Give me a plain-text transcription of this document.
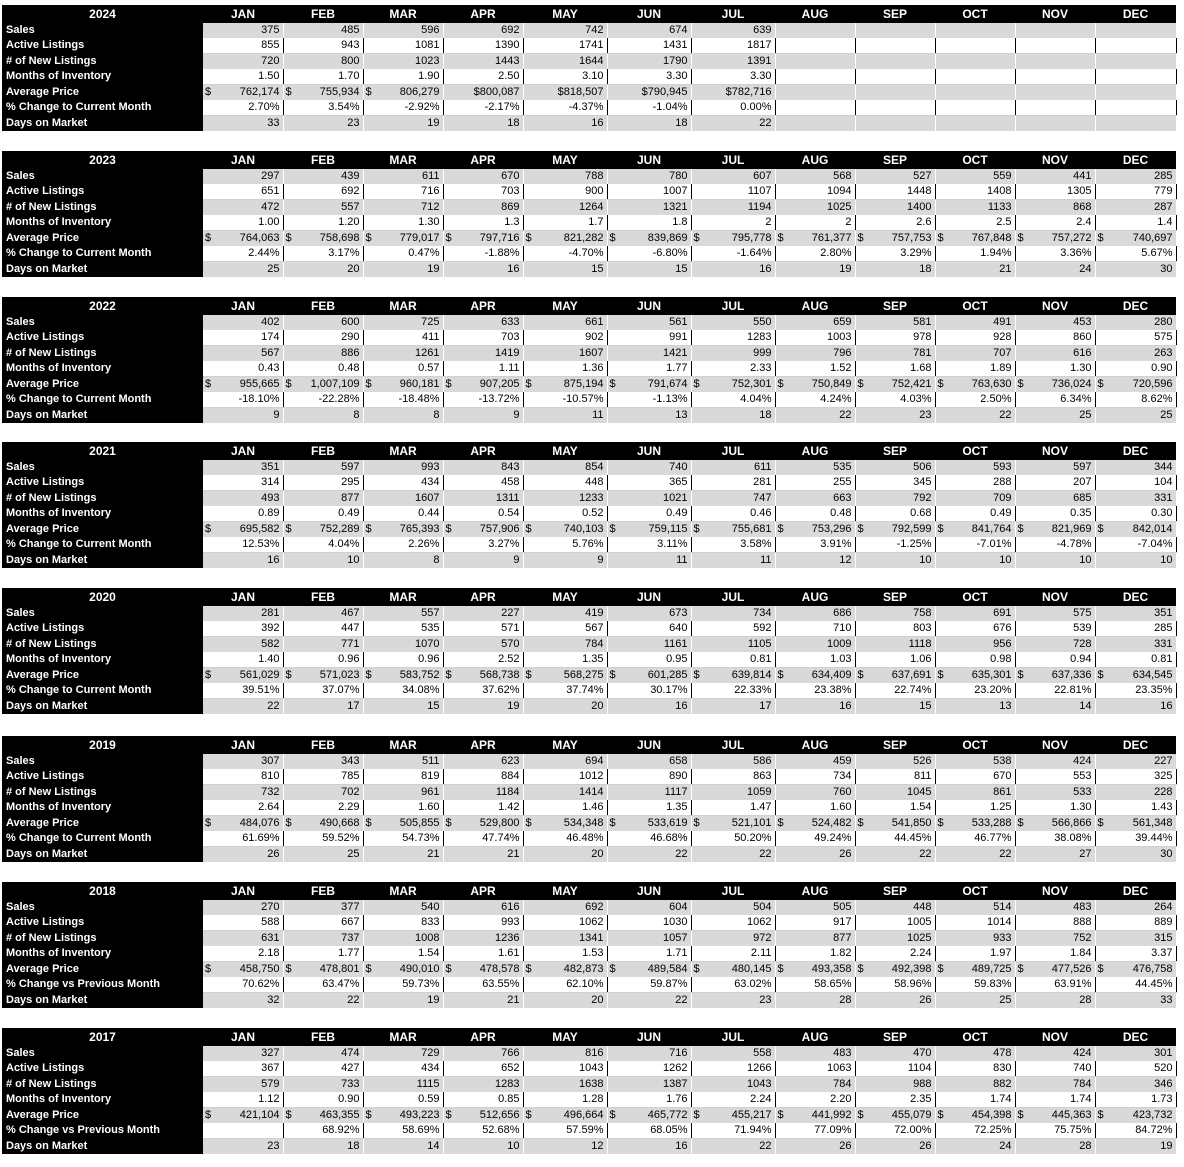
2024	JAN	FEB	MAR	APR	MAY	JUN	JUL	AUG	SEP	OCT	NOV	DEC
Sales	375	485	596	692	742	674	639					
Active Listings	855	943	1081	1390	1741	1431	1817					
# of New Listings	720	800	1023	1443	1644	1790	1391					
Months of Inventory	1.50	1.70	1.90	2.50	3.10	3.30	3.30					
Average Price	$ 762,174	$ 755,934	$ 806,279	$800,087	$818,507	$790,945	$782,716					

% Change to Current Month	2.70%	3.54%	-2.92%	-2.17%	-4.37%	-1.04%	0.00%					
Days on Market	33	23	19	18	16	18	22					
2023	JAN	FEB	MAR	APR	MAY	JUN	JUL	AUG	SEP	OCT	NOV	DEC
Sales	297	439	611	670	788	780	607	568	527	559	441	285
Active Listings	651	692	716	703	900	1007	1107	1094	1448	1408	1305	779
# of New Listings	472	557	712	869	1264	1321	1194	1025	1400	1133	868	287
Months of Inventory	1.00	1.20	1.30	1.3	1.7	1.8	2	2	2.6	2.5	2.4	1.4
Average Price	$ 764,063	$ 758,698	$ 779,017	$ 797,716	$ 821,282	$ 839,869	$ 795,778	$ 761,377	$ 757,753	$ 767,848	$ 757,272	$ 740,697

% Change to Current Month	2.44%	3.17%	0.47%	-1.88%	-4.70%	-6.80%	-1.64%	2.80%	3.29%	1.94%	3.36%	5.67%
Days on Market	25	20	19	16	15	15	16	19	18	21	24	30
2022	JAN	FEB	MAR	APR	MAY	JUN	JUL	AUG	SEP	OCT	NOV	DEC
Sales	402	600	725	633	661	561	550	659	581	491	453	280
Active Listings	174	290	411	703	902	991	1283	1003	978	928	860	575
# of New Listings	567	886	1261	1419	1607	1421	999	796	781	707	616	263
Months of Inventory	0.43	0.48	0.57	1.11	1.36	1.77	2.33	1.52	1.68	1.89	1.30	0.90
Average Price	$ 955,665	$ 1,007,109	$ 960,181	$ 907,205	$ 875,194	$ 791,674	$ 752,301	$ 750,849	$ 752,421	$ 763,630	$ 736,024	$ 720,596

% Change to Current Month	-18.10%	-22.28%	-18.48%	-13.72%	-10.57%	-1.13%	4.04%	4.24%	4.03%	2.50%	6.34%	8.62%
Days on Market	9	8	8	9	11	13	18	22	23	22	25	25
2021	JAN	FEB	MAR	APR	MAY	JUN	JUL	AUG	SEP	OCT	NOV	DEC
Sales	351	597	993	843	854	740	611	535	506	593	597	344
Active Listings	314	295	434	458	448	365	281	255	345	288	207	104
# of New Listings	493	877	1607	1311	1233	1021	747	663	792	709	685	331
Months of Inventory	0.89	0.49	0.44	0.54	0.52	0.49	0.46	0.48	0.68	0.49	0.35	0.30
Average Price	$ 695,582	$ 752,289	$ 765,393	$ 757,906	$ 740,103	$ 759,115	$ 755,681	$ 753,296	$ 792,599	$ 841,764	$ 821,969	$ 842,014

% Change to Current Month	12.53%	4.04%	2.26%	3.27%	5.76%	3.11%	3.58%	3.91%	-1.25%	-7.01%	-4.78%	-7.04%
Days on Market	16	10	8	9	9	11	11	12	10	10	10	10
2020	JAN	FEB	MAR	APR	MAY	JUN	JUL	AUG	SEP	OCT	NOV	DEC
Sales	281	467	557	227	419	673	734	686	758	691	575	351
Active Listings	392	447	535	571	567	640	592	710	803	676	539	285
# of New Listings	582	771	1070	570	784	1161	1105	1009	1118	956	728	331
Months of Inventory	1.40	0.96	0.96	2.52	1.35	0.95	0.81	1.03	1.06	0.98	0.94	0.81
Average Price	$ 561,029	$ 571,023	$ 583,752	$ 568,738	$ 568,275	$ 601,285	$ 639,814	$ 634,409	$ 637,691	$ 635,301	$ 637,336	$ 634,545

% Change to Current Month	39.51%	37.07%	34.08%	37.62%	37.74%	30.17%	22.33%	23.38%	22.74%	23.20%	22.81%	23.35%
Days on Market	22	17	15	19	20	16	17	16	15	13	14	16
2019	JAN	FEB	MAR	APR	MAY	JUN	JUL	AUG	SEP	OCT	NOV	DEC
Sales	307	343	511	623	694	658	586	459	526	538	424	227
Active Listings	810	785	819	884	1012	890	863	734	811	670	553	325
# of New Listings	732	702	961	1184	1414	1117	1059	760	1045	861	533	228
Months of Inventory	2.64	2.29	1.60	1.42	1.46	1.35	1.47	1.60	1.54	1.25	1.30	1.43
Average Price	$ 484,076	$ 490,668	$ 505,855	$ 529,800	$ 534,348	$ 533,619	$ 521,101	$ 524,482	$ 541,850	$ 533,288	$ 566,866	$ 561,348

% Change to Current Month	61.69%	59.52%	54.73%	47.74%	46.48%	46.68%	50.20%	49.24%	44.45%	46.77%	38.08%	39.44%
Days on Market	26	25	21	21	20	22	22	26	22	22	27	30
2018	JAN	FEB	MAR	APR	MAY	JUN	JUL	AUG	SEP	OCT	NOV	DEC
Sales	270	377	540	616	692	604	504	505	448	514	483	264
Active Listings	588	667	833	993	1062	1030	1062	917	1005	1014	888	889
# of New Listings	631	737	1008	1236	1341	1057	972	877	1025	933	752	315
Months of Inventory	2.18	1.77	1.54	1.61	1.53	1.71	2.11	1.82	2.24	1.97	1.84	3.37
Average Price	$ 458,750	$ 478,801	$ 490,010	$ 478,578	$ 482,873	$ 489,584	$ 480,145	$ 493,358	$ 492,398	$ 489,725	$ 477,526	$ 476,758

% Change vs Previous Month	70.62%	63.47%	59.73%	63.55%	62.10%	59.87%	63.02%	58.65%	58.96%	59.83%	63.91%	44.45%
Days on Market	32	22	19	21	20	22	23	28	26	25	28	33
2017	JAN	FEB	MAR	APR	MAY	JUN	JUL	AUG	SEP	OCT	NOV	DEC
Sales	327	474	729	766	816	716	558	483	470	478	424	301
Active Listings	367	427	434	652	1043	1262	1266	1063	1104	830	740	520
# of New Listings	579	733	1115	1283	1638	1387	1043	784	988	882	784	346
Months of Inventory	1.12	0.90	0.59	0.85	1.28	1.76	2.24	2.20	2.35	1.74	1.74	1.73
Average Price	$ 421,104	$ 463,355	$ 493,223	$ 512,656	$ 496,664	$ 465,772	$ 455,217	$ 441,992	$ 455,079	$ 454,398	$ 445,363	$ 423,732

% Change vs Previous Month		68.92%	58.69%	52.68%	57.59%	68.05%	71.94%	77.09%	72.00%	72.25%	75.75%	84.72%
Days on Market	23	18	14	10	12	16	22	26	26	24	28	19
